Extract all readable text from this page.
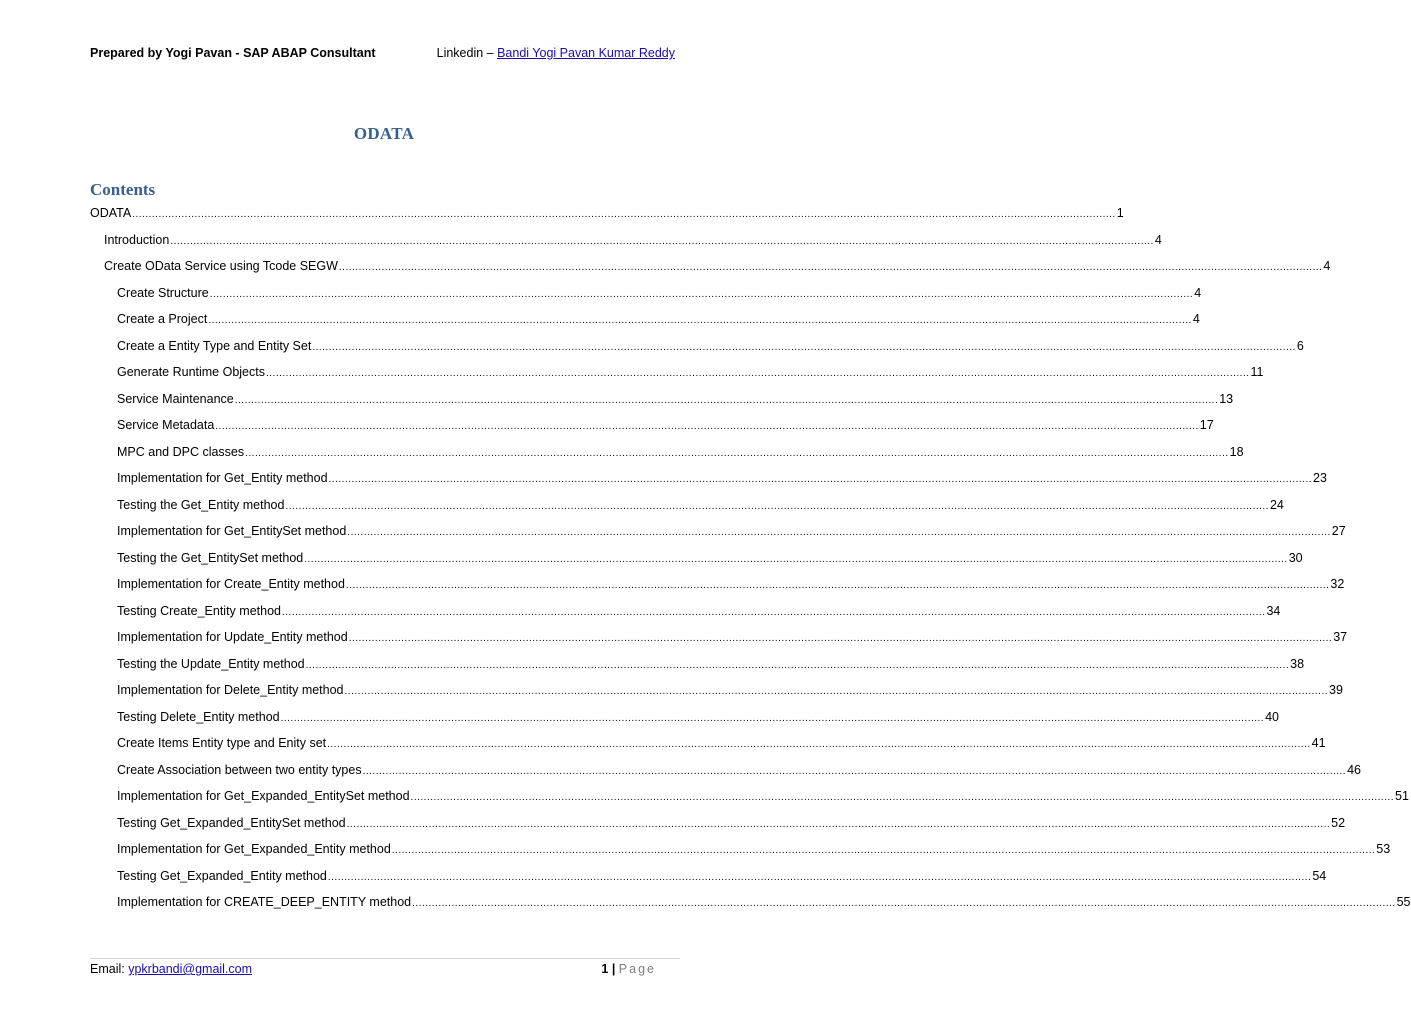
Prepared by Yogi Pavan - SAP ABAP Consultant	Linkedin – Bandi Yogi Pavan Kumar Reddy
ODATA
Contents
ODATA ............................................................................................................................................................................................................................................................................................................ 1
Introduction ............................................................................................................................................................................................................................................................................................................ 4
Create OData Service using Tcode SEGW ............................................................................................................................................................................................................................................................................................................ 4
Create Structure ............................................................................................................................................................................................................................................................................................................ 4
Create a Project ............................................................................................................................................................................................................................................................................................................ 4
Create a Entity Type and Entity Set ............................................................................................................................................................................................................................................................................................................ 6
Generate Runtime Objects ............................................................................................................................................................................................................................................................................................................ 11
Service Maintenance ............................................................................................................................................................................................................................................................................................................ 13
Service Metadata ............................................................................................................................................................................................................................................................................................................ 17
MPC and DPC classes ............................................................................................................................................................................................................................................................................................................ 18
Implementation for Get_Entity method ............................................................................................................................................................................................................................................................................................................ 23
Testing the Get_Entity method ............................................................................................................................................................................................................................................................................................................ 24
Implementation for Get_EntitySet method ............................................................................................................................................................................................................................................................................................................ 27
Testing the Get_EntitySet method ............................................................................................................................................................................................................................................................................................................ 30
Implementation for Create_Entity method ............................................................................................................................................................................................................................................................................................................ 32
Testing Create_Entity method ............................................................................................................................................................................................................................................................................................................ 34
Implementation for Update_Entity method ............................................................................................................................................................................................................................................................................................................ 37
Testing the Update_Entity method ............................................................................................................................................................................................................................................................................................................ 38
Implementation for Delete_Entity method ............................................................................................................................................................................................................................................................................................................ 39
Testing Delete_Entity method ............................................................................................................................................................................................................................................................................................................ 40
Create Items Entity type and Enity set ............................................................................................................................................................................................................................................................................................................ 41
Create Association between two entity types ............................................................................................................................................................................................................................................................................................................ 46
Implementation for Get_Expanded_EntitySet method ............................................................................................................................................................................................................................................................................................................ 51
Testing Get_Expanded_EntitySet method ............................................................................................................................................................................................................................................................................................................ 52
Implementation for Get_Expanded_Entity method ............................................................................................................................................................................................................................................................................................................ 53
Testing Get_Expanded_Entity method ............................................................................................................................................................................................................................................................................................................ 54
Implementation for CREATE_DEEP_ENTITY method ............................................................................................................................................................................................................................................................................................................ 55
Email: ypkrbandi@gmail.com	1 | Page
